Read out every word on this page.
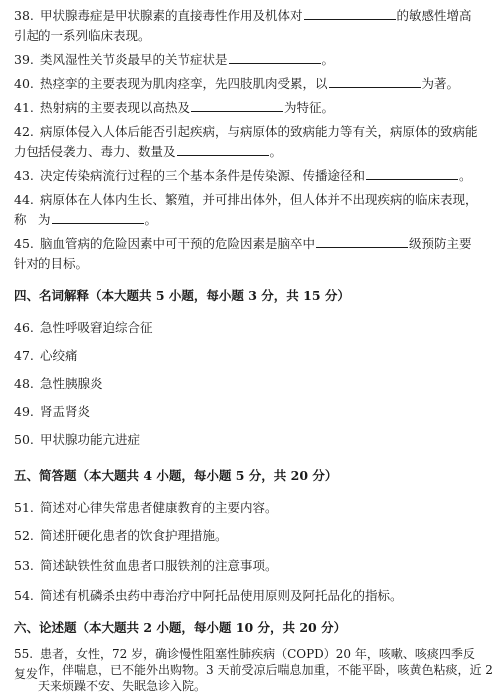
38. 甲状腺毒症是甲状腺素的直接毒性作用及机体对	的敏感性增高引起
的一系列临床表现。
39. 类风湿性关节炎最早的关节症状是	。
40. 热痉挛的主要表现为肌肉痉挛，先四肢肌肉受累，以	为著。
41. 热射病的主要表现以高热及	为特征。
42. 病原体侵入人体后能否引起疾病，与病原体的致病能力等有关，病原体的致病能力包
括侵袭力、毒力、数量及	。
43. 决定传染病流行过程的三个基本条件是传染源、传播途径和	。
44. 病原体在人体内生长、繁殖，并可排出体外，但人体并不出现疾病的临床表现，称 为	。
45. 脑血管病的危险因素中可干预的危险因素是脑卒中	级预防主要针对
的目标。
四、名词解释（本大题共 5 小题，每小题 3 分，共 15 分）
46. 急性呼吸窘迫综合征
47. 心绞痛
48. 急性胰腺炎
49. 肾盂肾炎
50. 甲状腺功能亢进症
五、简答题（本大题共 4 小题，每小题 5 分，共 20 分）
51. 简述对心律失常患者健康教育的主要内容。
52. 简述肝硬化患者的饮食护理措施。
53. 简述缺铁性贫血患者口服铁剂的注意事项。
54. 简述有机磷杀虫药中毒治疗中阿托品使用原则及阿托品化的指标。
六、论述题（本大题共 2 小题，每小题 10 分，共 20 分）
55. 患者，女性，72 岁，确诊慢性阻塞性肺疾病（COPD）20 年，咳嗽、咳痰四季反复发 作，伴喘息，已不能外出购物。3 天前受凉后喘息加重，不能平卧，咳黄色粘痰，近 2
天来烦躁不安、失眠急诊入院。
